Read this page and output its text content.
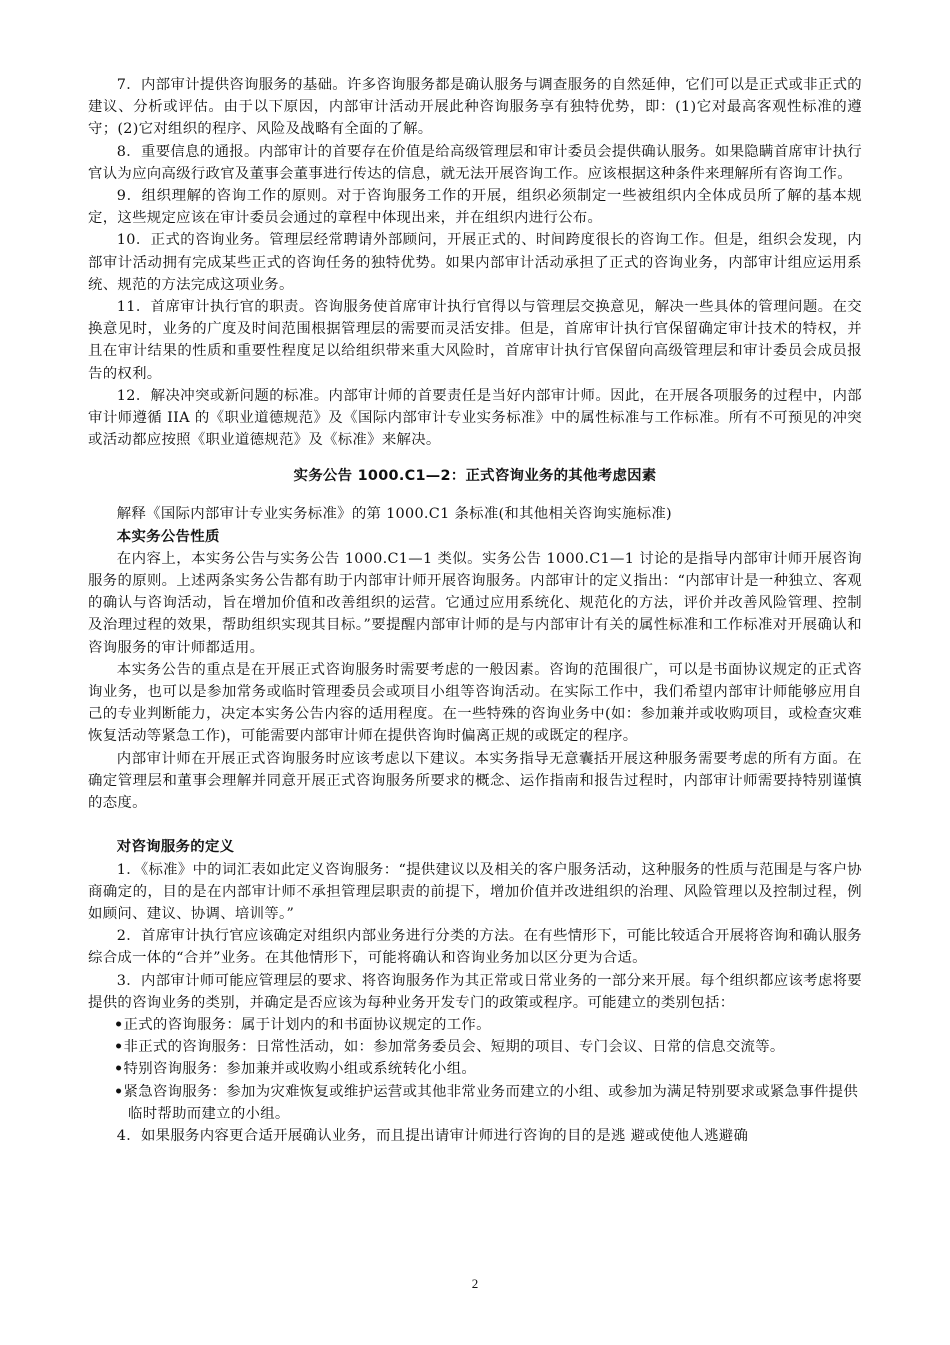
7．内部审计提供咨询服务的基础。许多咨询服务都是确认服务与调查服务的自然延伸，它们可以是正式或非正式的建议、分析或评估。由于以下原因，内部审计活动开展此种咨询服务享有独特优势，即：(1)它对最高客观性标准的遵守；(2)它对组织的程序、风险及战略有全面的了解。

8．重要信息的通报。内部审计的首要存在价值是给高级管理层和审计委员会提供确认服务。如果隐瞒首席审计执行官认为应向高级行政官及董事会董事进行传达的信息，就无法开展咨询工作。应该根据这种条件来理解所有咨询工作。

9．组织理解的咨询工作的原则。对于咨询服务工作的开展，组织必须制定一些被组织内全体成员所了解的基本规定，这些规定应该在审计委员会通过的章程中体现出来，并在组织内进行公布。

10．正式的咨询业务。管理层经常聘请外部顾问，开展正式的、时间跨度很长的咨询工作。但是，组织会发现，内部审计活动拥有完成某些正式的咨询任务的独特优势。如果内部审计活动承担了正式的咨询业务，内部审计组应运用系统、规范的方法完成这项业务。

11．首席审计执行官的职责。咨询服务使首席审计执行官得以与管理层交换意见，解决一些具体的管理问题。在交换意见时，业务的广度及时间范围根据管理层的需要而灵活安排。但是，首席审计执行官保留确定审计技术的特权，并且在审计结果的性质和重要性程度足以给组织带来重大风险时，首席审计执行官保留向高级管理层和审计委员会成员报告的权利。

12．解决冲突或新问题的标准。内部审计师的首要责任是当好内部审计师。因此，在开展各项服务的过程中，内部审计师遵循 IIA 的《职业道德规范》及《国际内部审计专业实务标准》中的属性标准与工作标准。所有不可预见的冲突或活动都应按照《职业道德规范》及《标准》来解决。

实务公告 1000.C1—2：正式咨询业务的其他考虑因素

解释《国际内部审计专业实务标准》的第 1000.C1 条标准(和其他相关咨询实施标准)

本实务公告性质

在内容上，本实务公告与实务公告 1000.C1—1 类似。实务公告 1000.C1—1 讨论的是指导内部审计师开展咨询服务的原则。上述两条实务公告都有助于内部审计师开展咨询服务。内部审计的定义指出：“内部审计是一种独立、客观的确认与咨询活动，旨在增加价值和改善组织的运营。它通过应用系统化、规范化的方法，评价并改善风险管理、控制及治理过程的效果，帮助组织实现其目标。”要提醒内部审计师的是与内部审计有关的属性标准和工作标准对开展确认和咨询服务的审计师都适用。

本实务公告的重点是在开展正式咨询服务时需要考虑的一般因素。咨询的范围很广，可以是书面协议规定的正式咨询业务，也可以是参加常务或临时管理委员会或项目小组等咨询活动。在实际工作中，我们希望内部审计师能够应用自己的专业判断能力，决定本实务公告内容的适用程度。在一些特殊的咨询业务中(如：参加兼并或收购项目，或检查灾难恢复活动等紧急工作)，可能需要内部审计师在提供咨询时偏离正规的或既定的程序。

内部审计师在开展正式咨询服务时应该考虑以下建议。本实务指导无意囊括开展这种服务需要考虑的所有方面。在确定管理层和董事会理解并同意开展正式咨询服务所要求的概念、运作指南和报告过程时，内部审计师需要持特别谨慎的态度。

对咨询服务的定义

1．《标准》中的词汇表如此定义咨询服务：“提供建议以及相关的客户服务活动，这种服务的性质与范围是与客户协商确定的，目的是在内部审计师不承担管理层职责的前提下，增加价值并改进组织的治理、风险管理以及控制过程，例如顾问、建议、协调、培训等。”

2．首席审计执行官应该确定对组织内部业务进行分类的方法。在有些情形下，可能比较适合开展将咨询和确认服务综合成一体的“合并”业务。在其他情形下，可能将确认和咨询业务加以区分更为合适。

3．内部审计师可能应管理层的要求、将咨询服务作为其正常或日常业务的一部分来开展。每个组织都应该考虑将要提供的咨询业务的类别，并确定是否应该为每种业务开发专门的政策或程序。可能建立的类别包括：

•正式的咨询服务：属于计划内的和书面协议规定的工作。

•非正式的咨询服务：日常性活动，如：参加常务委员会、短期的项目、专门会议、日常的信息交流等。

•特别咨询服务：参加兼并或收购小组或系统转化小组。

•紧急咨询服务：参加为灾难恢复或维护运营或其他非常业务而建立的小组、或参加为满足特别要求或紧急事件提供临时帮助而建立的小组。

4．如果服务内容更合适开展确认业务，而且提出请审计师进行咨询的目的是逃 避或使他人逃避确

2
